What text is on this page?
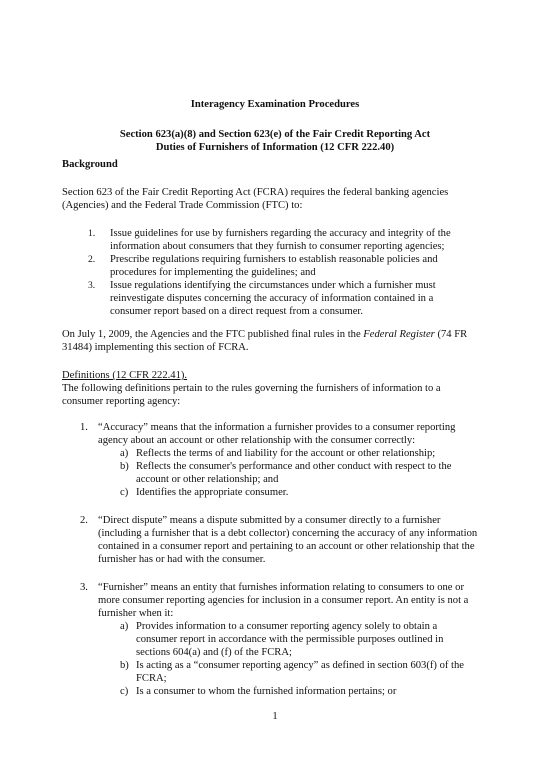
Interagency Examination Procedures
Section 623(a)(8) and Section 623(e) of the Fair Credit Reporting Act
Duties of Furnishers of Information (12 CFR 222.40)
Background
Section 623 of the Fair Credit Reporting Act (FCRA) requires the federal banking agencies
(Agencies) and the Federal Trade Commission (FTC) to:
1. Issue guidelines for use by furnishers regarding the accuracy and integrity of the
information about consumers that they furnish to consumer reporting agencies;
2. Prescribe regulations requiring furnishers to establish reasonable policies and
procedures for implementing the guidelines; and
3. Issue regulations identifying the circumstances under which a furnisher must
reinvestigate disputes concerning the accuracy of information contained in a
consumer report based on a direct request from a consumer.
On July 1, 2009, the Agencies and the FTC published final rules in the Federal Register (74 FR
31484) implementing this section of FCRA.
Definitions (12 CFR 222.41).
The following definitions pertain to the rules governing the furnishers of information to a
consumer reporting agency:
1. “Accuracy” means that the information a furnisher provides to a consumer reporting
agency about an account or other relationship with the consumer correctly:
a) Reflects the terms of and liability for the account or other relationship;
b) Reflects the consumer's performance and other conduct with respect to the
account or other relationship; and
c) Identifies the appropriate consumer.
2. “Direct dispute” means a dispute submitted by a consumer directly to a furnisher
(including a furnisher that is a debt collector) concerning the accuracy of any information
contained in a consumer report and pertaining to an account or other relationship that the
furnisher has or had with the consumer.
3. “Furnisher” means an entity that furnishes information relating to consumers to one or
more consumer reporting agencies for inclusion in a consumer report. An entity is not a
furnisher when it:
a) Provides information to a consumer reporting agency solely to obtain a
consumer report in accordance with the permissible purposes outlined in
sections 604(a) and (f) of the FCRA;
b) Is acting as a “consumer reporting agency” as defined in section 603(f) of the
FCRA;
c) Is a consumer to whom the furnished information pertains; or
1
